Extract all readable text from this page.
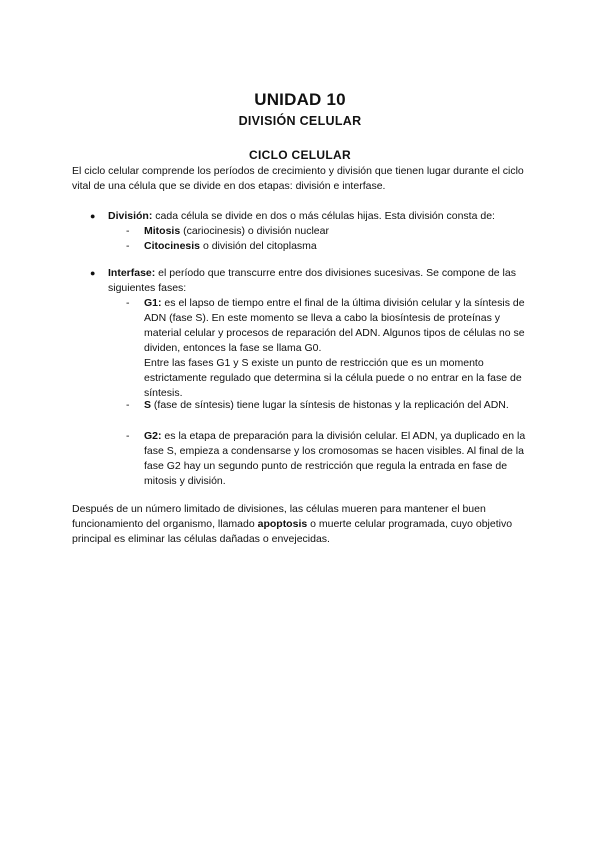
UNIDAD 10
DIVISIÓN CELULAR
CICLO CELULAR

El ciclo celular comprende los períodos de crecimiento y división que tienen lugar durante el ciclo vital de una célula que se divide en dos etapas: división e interfase.

● División: cada célula se divide en dos o más células hijas. Esta división consta de:
- Mitosis (cariocinesis) o división nuclear
- Citocinesis o división del citoplasma
● Interfase: el período que transcurre entre dos divisiones sucesivas. Se compone de las siguientes fases:
- G1: es el lapso de tiempo entre el final de la última división celular y la síntesis de ADN (fase S). En este momento se lleva a cabo la biosíntesis de proteínas y material celular y procesos de reparación del ADN. Algunos tipos de células no se dividen, entonces la fase se llama G0.
Entre las fases G1 y S existe un punto de restricción que es un momento estrictamente regulado que determina si la célula puede o no entrar en la fase de síntesis.
- S (fase de síntesis) tiene lugar la síntesis de histonas y la replicación del ADN.
- G2: es la etapa de preparación para la división celular. El ADN, ya duplicado en la fase S, empieza a condensarse y los cromosomas se hacen visibles. Al final de la fase G2 hay un segundo punto de restricción que regula la entrada en fase de mitosis y división.

Después de un número limitado de divisiones, las células mueren para mantener el buen funcionamiento del organismo, llamado apoptosis o muerte celular programada, cuyo objetivo principal es eliminar las células dañadas o envejecidas.
